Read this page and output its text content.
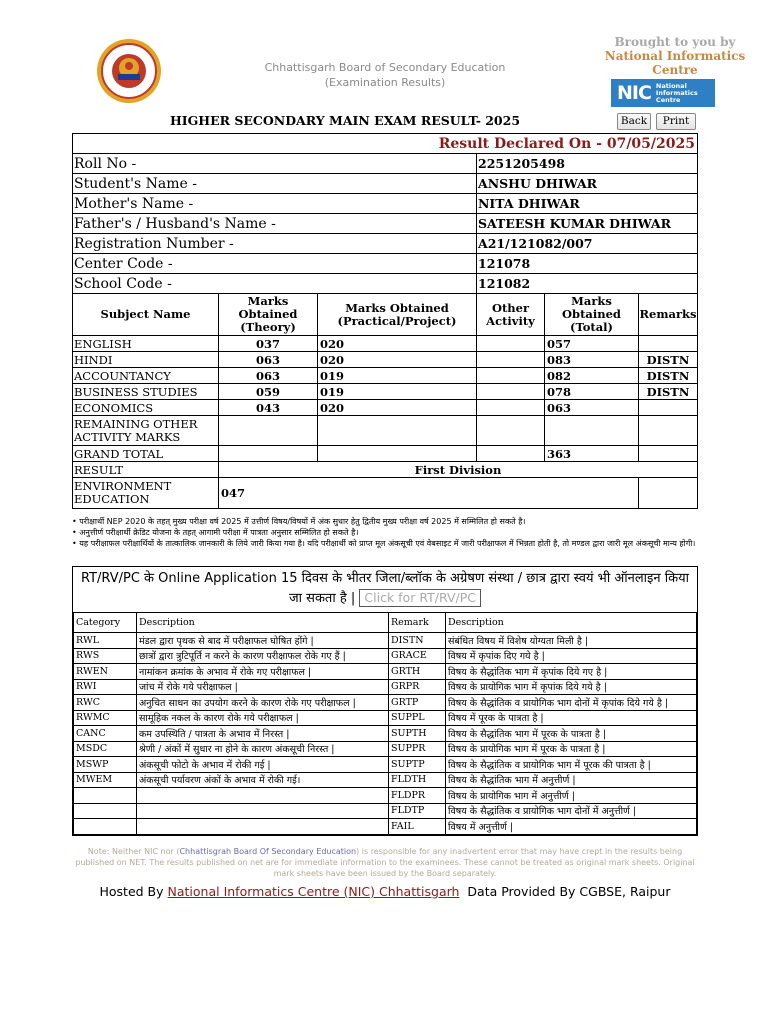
Chhattisgarh Board of Secondary Education
(Examination Results)
Brought to you by
National Informatics
Centre
NIC National
Informatics
Centre
HIGHER SECONDARY MAIN EXAM RESULT- 2025	Back	Print
Result Declared On - 07/05/2025					
Roll No -			2251205498		
Student's Name -			ANSHU DHIWAR		
Mother's Name -			NITA DHIWAR		
Father's / Husband's Name -			SATEESH KUMAR DHIWAR		
Registration Number -			A21/121082/007		
Center Code -			121078		
School Code -			121082		
Subject Name	Marks Obtained (Theory)	Marks Obtained (Practical/Project)	Other Activity	Marks Obtained (Total)	Remarks
ENGLISH	037	020		057	
HINDI	063	020		083	DISTN
ACCOUNTANCY	063	019		082	DISTN
BUSINESS STUDIES	059	019		078	DISTN
ECONOMICS	043	020		063	
REMAINING OTHER ACTIVITY MARKS					
GRAND TOTAL				363	
RESULT	First Division				
ENVIRONMENT EDUCATION	047				
• परीक्षार्थी NEP 2020 के तहत् मुख्य परीक्षा वर्ष 2025 में उत्तीर्ण विषय/विषयों में अंक सुधार हेतु द्वितीय मुख्य परीक्षा वर्ष 2025 में सम्मिलित हो सकते है।
• अनुत्तीर्ण परीक्षार्थी क्रेडिट योजना के तहत् आगामी परीक्षा में पात्रता अनुसार सम्मिलित हो सकते है।
• यह परीक्षाफल परीक्षार्थियों के तात्कालिक जानकारी के लिये जारी किया गया है। यदि परीक्षार्थी को प्राप्त मूल अंकसूची एवं वेबसाइट में जारी परीक्षाफल में भिन्नता होती है, तो मण्डल द्वारा जारी मूल अंकसूची मान्य होगी।
RT/RV/PC के Online Application 15 दिवस के भीतर जिला/ब्लॉक के अग्रेषण संस्था / छात्र द्वारा स्वयं भी ऑनलाइन किया जा सकता है | Click for RT/RV/PC
Category	Description	Remark	Description
RWL	मंडल द्वारा पृथक से बाद में परीक्षाफल घोषित होंगे |	DISTN	संबंधित विषय में विशेष योग्यता मिली है |
RWS	छात्रों द्वारा त्रुटिपूर्ति न करने के कारण परीक्षाफल रोके गए हैं |	GRACE	विषय में कृपांक दिए गये है |
RWEN	नामांकन क्रमांक के अभाव में रोके गए परीक्षाफल |	GRTH	विषय के सैद्धांतिक भाग में कृपांक दिये गए है |
RWI	जांच में रोके गये परीक्षाफल |	GRPR	विषय के प्रायोगिक भाग में कृपांक दिये गये है |
RWC	अनुचित साधन का उपयोग करने के कारण रोके गए परीक्षाफल |	GRTP	विषय के सैद्धांतिक व प्रायोगिक भाग दोनों में कृपांक दिये गये है |
RWMC	सामूहिक नकल के कारण रोके गये परीक्षाफल |	SUPPL	विषय में पूरक के पात्रता है |
CANC	कम उपस्थिति / पात्रता के अभाव में निरस्त |	SUPTH	विषय के सैद्धांतिक भाग में पूरक के पात्रता है |
MSDC	श्रेणी / अंकों में सुधार ना होने के कारण अंकसूची निरस्त |	SUPPR	विषय के प्रायोगिक भाग में पूरक के पात्रता है |
MSWP	अंकसूची फोटो के अभाव में रोकी गई |	SUPTP	विषय के सैद्धांतिक व प्रायोगिक भाग में पूरक की पात्रता है |
MWEM	अंकसूची पर्यावरण अंकों के अभाव में रोकी गई।	FLDTH	विषय के सैद्धांतिक भाग में अनुत्तीर्ण |
		FLDPR	विषय के प्रायोगिक भाग में अनुत्तीर्ण |
		FLDTP	विषय के सैद्धांतिक व प्रायोगिक भाग दोनों में अनुत्तीर्ण |
		FAIL	विषय में अनुत्तीर्ण |
Note: Neither NIC nor (Chhattisgrah Board Of Secondary Education) is responsible for any inadvertent error that may have crept in the results being published on NET. The results published on net are for immediate information to the examinees. These cannot be treated as original mark sheets. Original mark sheets have been issued by the Board separately.
Hosted By National Informatics Centre (NIC) Chhattisgarh Data Provided By CGBSE, Raipur
